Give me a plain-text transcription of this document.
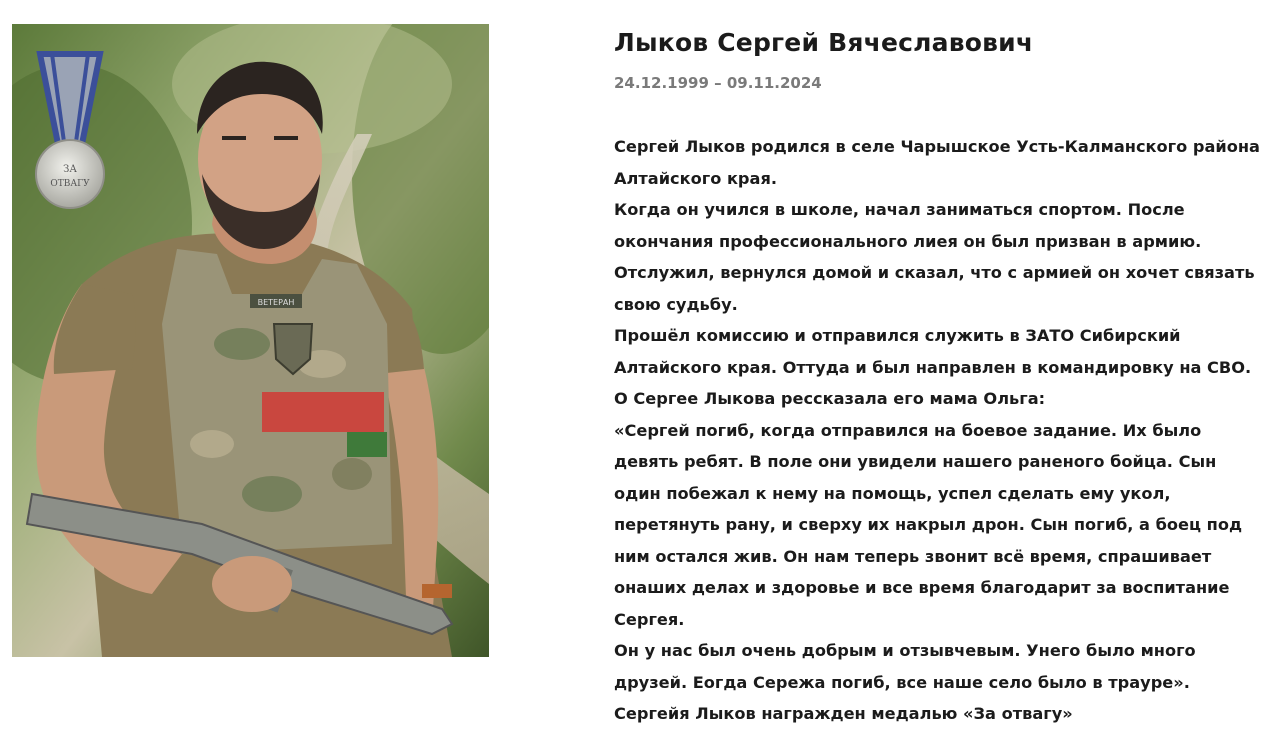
ЗА
ОТВАГУ
ВЕТЕРАН
Лыков Сергей Вячеславович
24.12.1999 – 09.11.2024

Сергей Лыков родился в селе Чарышское Усть-Калманского района Алтайского края.

Когда он учился в школе, начал заниматься спортом. После окончания профессионального лиея он был призван в армию. Отслужил, вернулся домой и сказал, что с армией он хочет связать свою судьбу.

Прошёл комиссию и отправился служить в ЗАТО Сибирский Алтайского края. Оттуда и был направлен в командировку на СВО.

О Сергее Лыкова ресcказала его мама Ольга:

«Сергей погиб, когда отправился на боевое задание. Их было девять ребят. В поле они увидели нашего раненого бойца. Сын один побежал к нему на помощь, успел сделать ему укол, перетянуть рану, и сверху их накрыл дрон. Сын погиб, а боец под ним остался жив. Он нам теперь звонит всё время, спрашивает онаших делах и здоровье и все время благодарит за воспитание Сергея.

Он у нас был очень добрым и отзывчевым. Унего было много друзей. Еогда Сережа погиб, все наше село было в трауре».

Сергейя Лыков награжден медалью «За отвагу»
